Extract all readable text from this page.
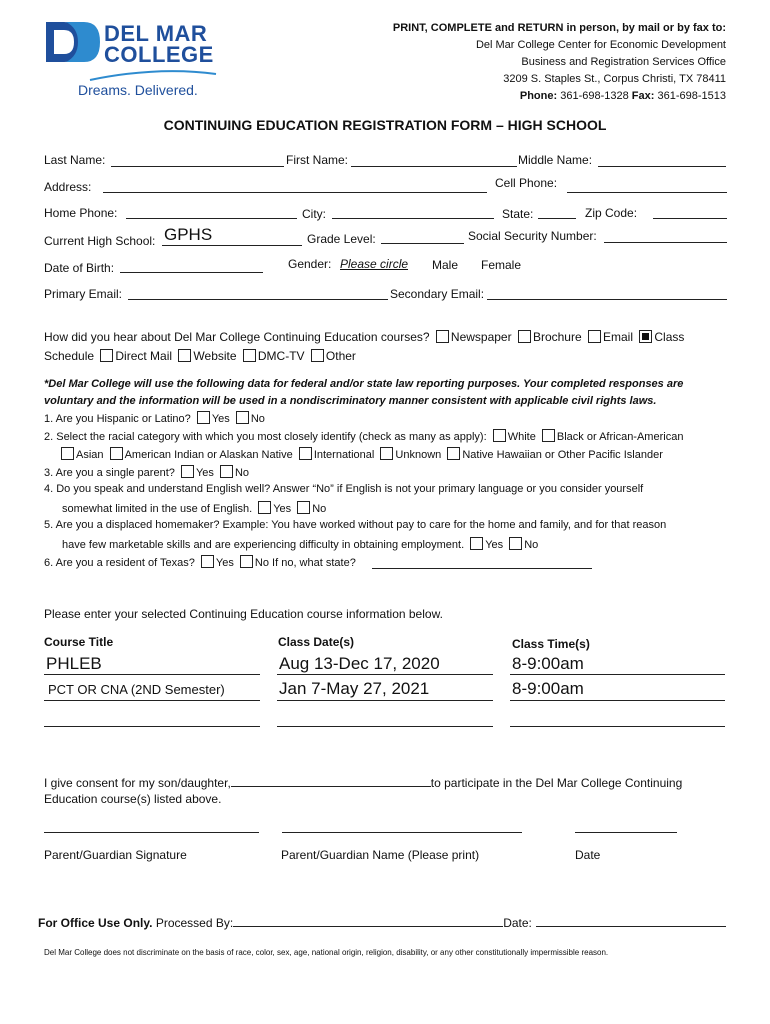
DEL MAR
COLLEGE
Dreams. Delivered.
PRINT, COMPLETE and RETURN in person, by mail or by fax to:
Del Mar College Center for Economic Development
Business and Registration Services Office
3209 S. Staples St., Corpus Christi, TX 78411
Phone: 361-698-1328 Fax: 361-698-1513
CONTINUING EDUCATION REGISTRATION FORM – HIGH SCHOOL
Last Name:	First Name:	Middle Name:
Address:	Cell Phone:
Home Phone:	City:	State:	Zip Code:
Current High School: GPHS	Grade Level:	Social Security Number:
Date of Birth:	Gender: Please circle Male Female
Primary Email:	Secondary Email:
How did you hear about Del Mar College Continuing Education courses? Newspaper Brochure Email Class
Schedule Direct Mail Website DMC-TV Other
*Del Mar College will use the following data for federal and/or state law reporting purposes. Your completed responses are
voluntary and the information will be used in a nondiscriminatory manner consistent with applicable civil rights laws.
1. Are you Hispanic or Latino? Yes No
2. Select the racial category with which you most closely identify (check as many as apply): White Black or African-American
Asian American Indian or Alaskan Native International Unknown Native Hawaiian or Other Pacific Islander
3. Are you a single parent? Yes No
4. Do you speak and understand English well? Answer “No” if English is not your primary language or you consider yourself
somewhat limited in the use of English. Yes No
5. Are you a displaced homemaker? Example: You have worked without pay to care for the home and family, and for that reason
have few marketable skills and are experiencing difficulty in obtaining employment. Yes No
6. Are you a resident of Texas? Yes No If no, what state?
Please enter your selected Continuing Education course information below.
Course Title	Class Date(s)	Class Time(s)
PHLEB	Aug 13-Dec 17, 2020	8-9:00am
PCT OR CNA (2ND Semester)	Jan 7-May 27, 2021	8-9:00am
I give consent for my son/daughter,	to participate in the Del Mar College Continuing
Education course(s) listed above.
Parent/Guardian Signature	Parent/Guardian Name (Please print)	Date
For Office Use Only. Processed By:	Date:
Del Mar College does not discriminate on the basis of race, color, sex, age, national origin, religion, disability, or any other constitutionally impermissible reason.
